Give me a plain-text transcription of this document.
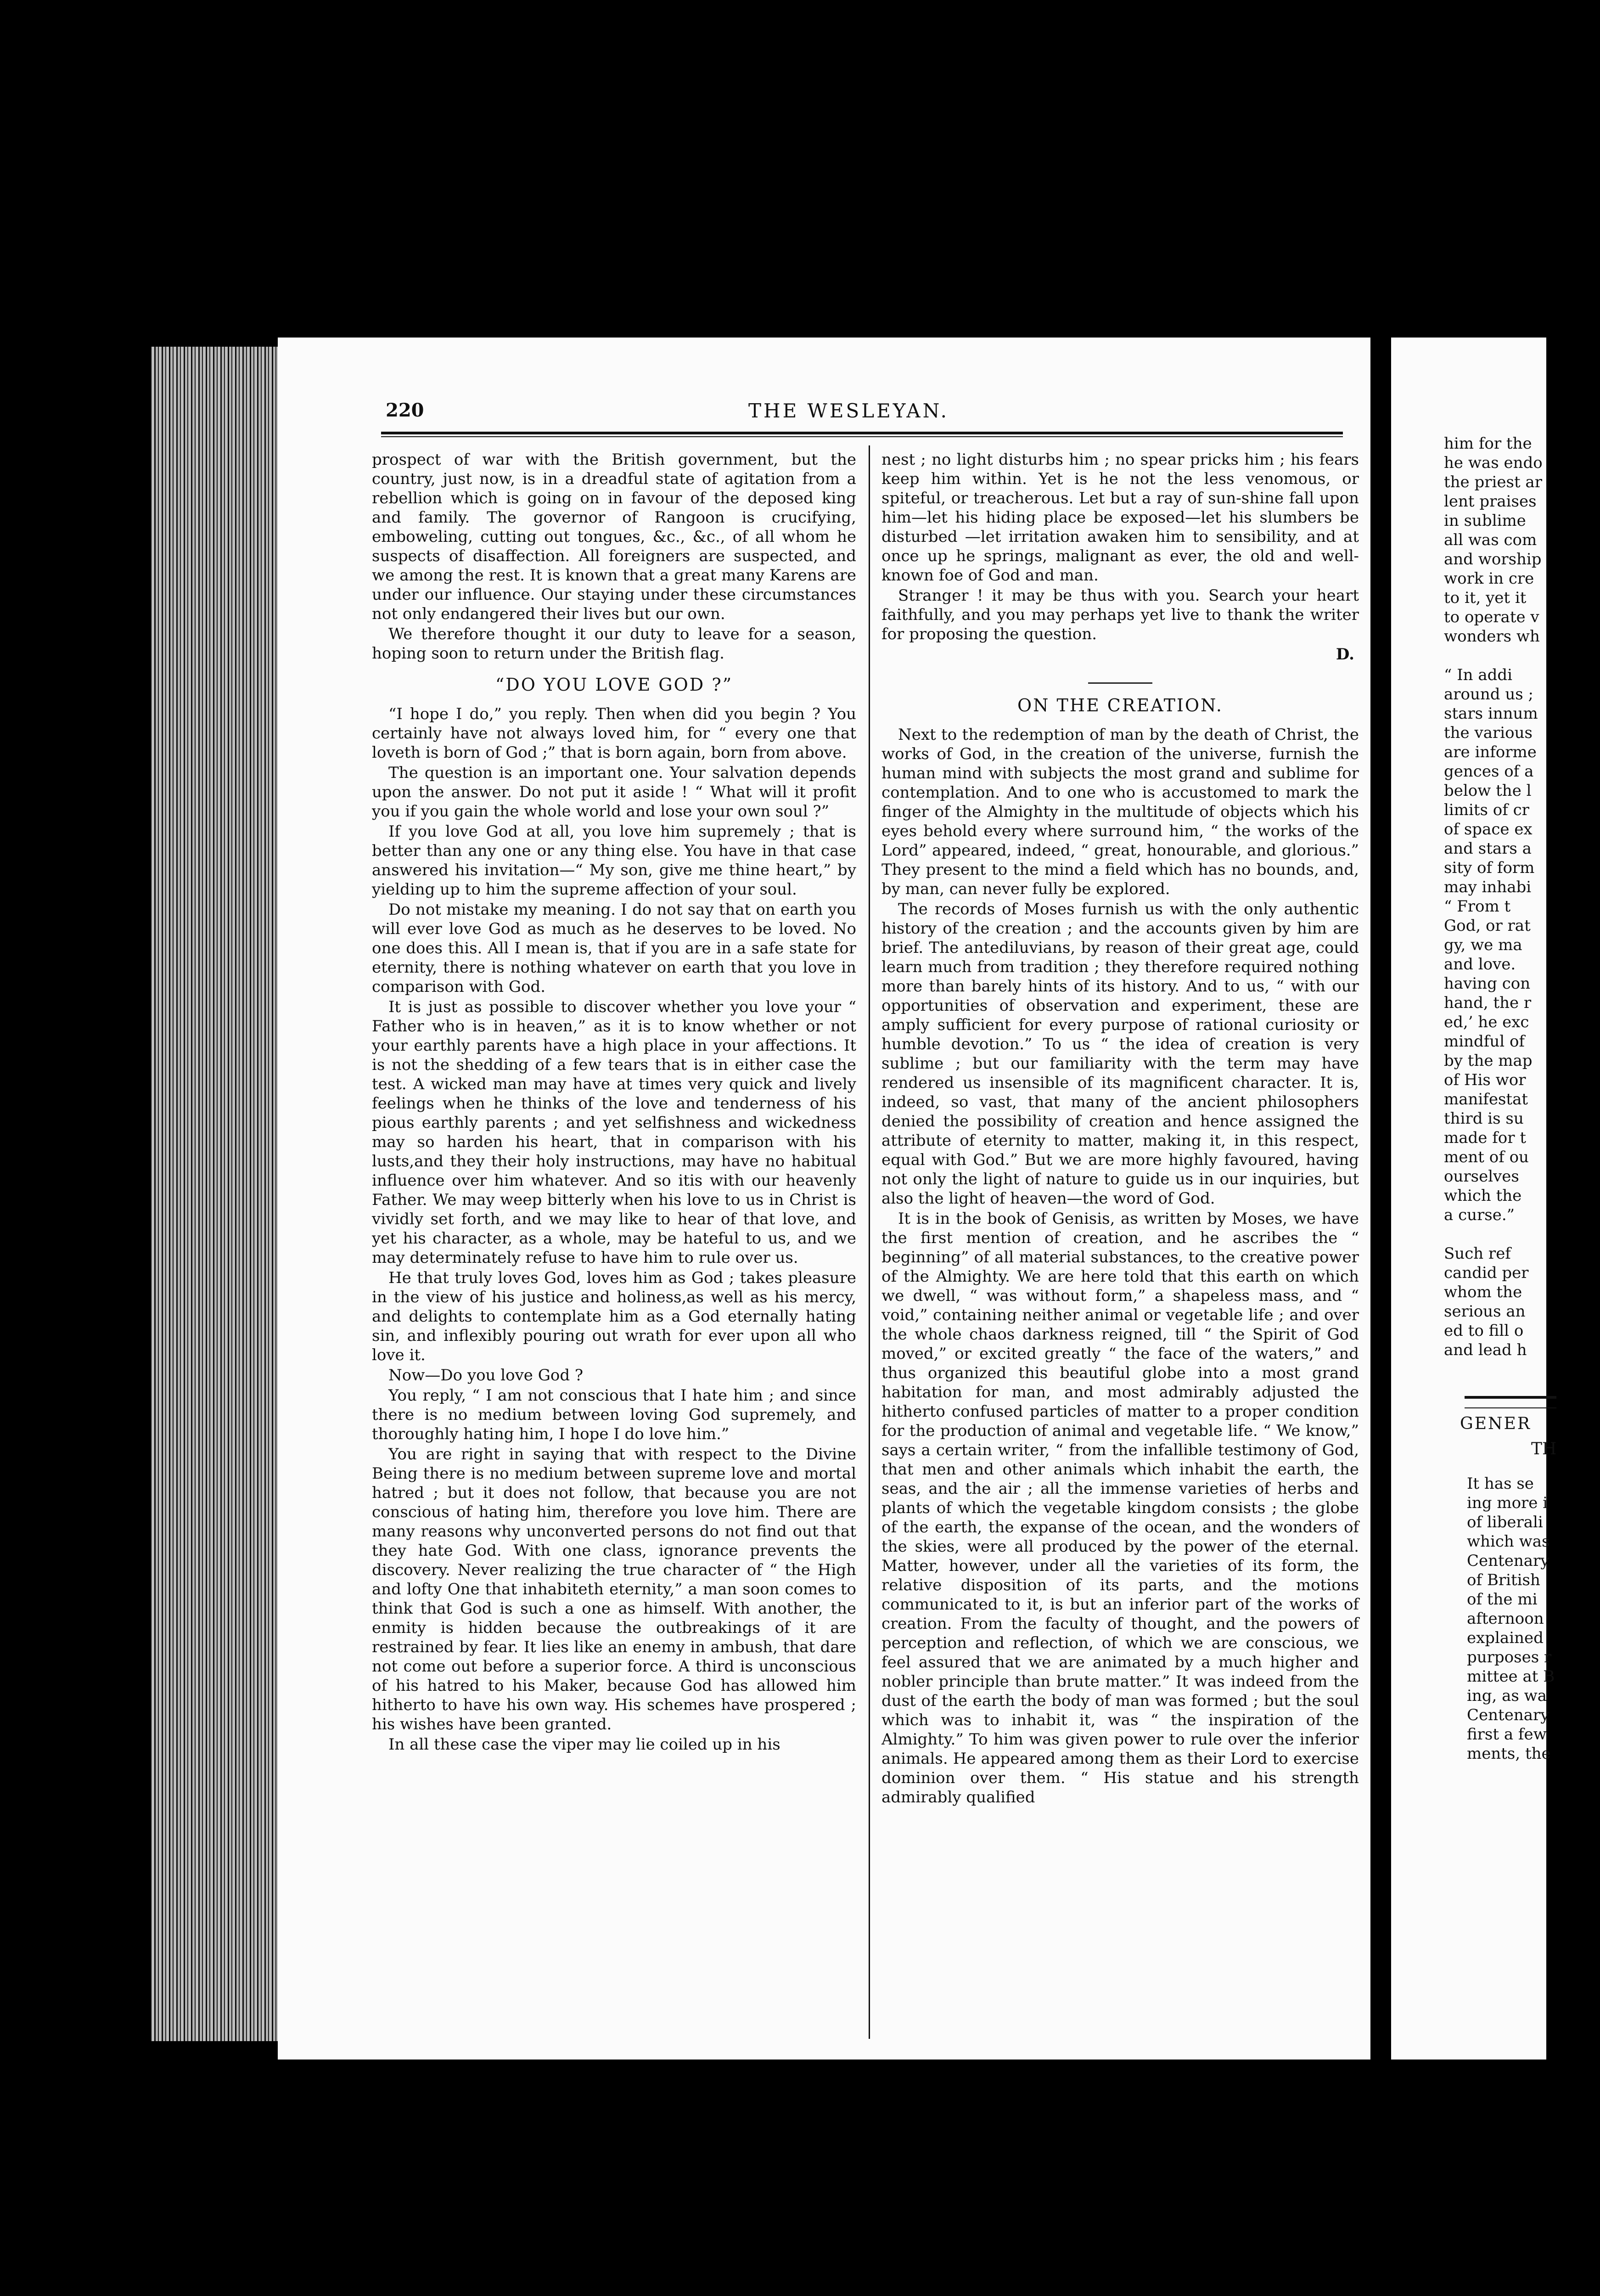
220	THE WESLEYAN.

prospect of war with the British government, but the country, just now, is in a dreadful state of agitation from a rebellion which is going on in favour of the deposed king and family. The governor of Rangoon is crucifying, emboweling, cutting out tongues, &c., &c., of all whom he suspects of disaffection. All foreigners are suspected, and we among the rest. It is known that a great many Karens are under our influence. Our staying under these circumstances not only endangered their lives but our own.

We therefore thought it our duty to leave for a season, hoping soon to return under the British flag.

“DO YOU LOVE GOD ?”

“I hope I do,” you reply. Then when did you begin ? You certainly have not always loved him, for “ every one that loveth is born of God ;” that is born again, born from above.

The question is an important one. Your salvation depends upon the answer. Do not put it aside ! “ What will it profit you if you gain the whole world and lose your own soul ?”

If you love God at all, you love him supremely ; that is better than any one or any thing else. You have in that case answered his invitation—“ My son, give me thine heart,” by yielding up to him the supreme affection of your soul.

Do not mistake my meaning. I do not say that on earth you will ever love God as much as he deserves to be loved. No one does this. All I mean is, that if you are in a safe state for eternity, there is nothing whatever on earth that you love in comparison with God.

It is just as possible to discover whether you love your “ Father who is in heaven,” as it is to know whether or not your earthly parents have a high place in your affections. It is not the shedding of a few tears that is in either case the test. A wicked man may have at times very quick and lively feelings when he thinks of the love and tenderness of his pious earthly parents ; and yet selfishness and wickedness may so harden his heart, that in comparison with his lusts,and they their holy instructions, may have no habitual influence over him whatever. And so itis with our heavenly Father. We may weep bitterly when his love to us in Christ is vividly set forth, and we may like to hear of that love, and yet his character, as a whole, may be hateful to us, and we may determinately refuse to have him to rule over us.

He that truly loves God, loves him as God ; takes pleasure in the view of his justice and holiness,as well as his mercy, and delights to contemplate him as a God eternally hating sin, and inflexibly pouring out wrath for ever upon all who love it.

Now—Do you love God ?

You reply, “ I am not conscious that I hate him ; and since there is no medium between loving God supremely, and thoroughly hating him, I hope I do love him.”

You are right in saying that with respect to the Divine Being there is no medium between supreme love and mortal hatred ; but it does not follow, that because you are not conscious of hating him, therefore you love him. There are many reasons why unconverted persons do not find out that they hate God. With one class, ignorance prevents the discovery. Never realizing the true character of “ the High and lofty One that inhabiteth eternity,” a man soon comes to think that God is such a one as himself. With another, the enmity is hidden because the outbreakings of it are restrained by fear. It lies like an enemy in ambush, that dare not come out before a superior force. A third is unconscious of his hatred to his Maker, because God has allowed him hitherto to have his own way. His schemes have prospered ; his wishes have been granted.

In all these case the viper may lie coiled up in his

nest ; no light disturbs him ; no spear pricks him ; his fears keep him within. Yet is he not the less venomous, or spiteful, or treacherous. Let but a ray of sun-shine fall upon him—let his hiding place be exposed—let his slumbers be disturbed —let irritation awaken him to sensibility, and at once up he springs, malignant as ever, the old and well-known foe of God and man.

Stranger ! it may be thus with you. Search your heart faithfully, and you may perhaps yet live to thank the writer for proposing the question.

D.
ON THE CREATION.

Next to the redemption of man by the death of Christ, the works of God, in the creation of the universe, furnish the human mind with subjects the most grand and sublime for contemplation. And to one who is accustomed to mark the finger of the Almighty in the multitude of objects which his eyes behold every where surround him, “ the works of the Lord” appeared, indeed, “ great, honourable, and glorious.” They present to the mind a field which has no bounds, and, by man, can never fully be explored.

The records of Moses furnish us with the only authentic history of the creation ; and the accounts given by him are brief. The antediluvians, by reason of their great age, could learn much from tradition ; they therefore required nothing more than barely hints of its history. And to us, “ with our opportunities of observation and experiment, these are amply sufficient for every purpose of rational curiosity or humble devotion.” To us “ the idea of creation is very sublime ; but our familiarity with the term may have rendered us insensible of its magnificent character. It is, indeed, so vast, that many of the ancient philosophers denied the possibility of creation and hence assigned the attribute of eternity to matter, making it, in this respect, equal with God.” But we are more highly favoured, having not only the light of nature to guide us in our inquiries, but also the light of heaven—the word of God.

It is in the book of Genisis, as written by Moses, we have the first mention of creation, and he ascribes the “ beginning” of all material substances, to the creative power of the Almighty. We are here told that this earth on which we dwell, “ was without form,” a shapeless mass, and “ void,” containing neither animal or vegetable life ; and over the whole chaos darkness reigned, till “ the Spirit of God moved,” or excited greatly “ the face of the waters,” and thus organized this beautiful globe into a most grand habitation for man, and most admirably adjusted the hitherto confused particles of matter to a proper condition for the production of animal and vegetable life. “ We know,” says a certain writer, “ from the infallible testimony of God, that men and other animals which inhabit the earth, the seas, and the air ; all the immense varieties of herbs and plants of which the vegetable kingdom consists ; the globe of the earth, the expanse of the ocean, and the wonders of the skies, were all produced by the power of the eternal. Matter, however, under all the varieties of its form, the relative disposition of its parts, and the motions communicated to it, is but an inferior part of the works of creation. From the faculty of thought, and the powers of perception and reflection, of which we are conscious, we feel assured that we are animated by a much higher and nobler principle than brute matter.” It was indeed from the dust of the earth the body of man was formed ; but the soul which was to inhabit it, was “ the inspiration of the Almighty.” To him was given power to rule over the inferior animals. He appeared among them as their Lord to exercise dominion over them. “ His statue and his strength admirably qualified

him for the
he was endo
the priest ar
lent praises
in sublime
all was com
and worship
work in cre
to it, yet it
to operate v
wonders wh

“ In addi
around us ;
stars innum
the various
are informe
gences of a
below the l
limits of cr
of space ex
and stars a
sity of form
may inhabi
“ From t
God, or rat
gy, we ma
and love.
having con
hand, the r
ed,’ he exc
mindful of
by the map
of His wor
manifestat
third is su
made for t
ment of ou
ourselves
which the
a curse.”

Such ref
candid per
whom the
serious an
ed to fill o
and lead h
GENER
TH
It has se
ing more i
of liberali
which was
Centenary
of British
of the mi
afternoon
explained
purposes r
mittee at B
ing, as wa
Centenary
first a few
ments, the
